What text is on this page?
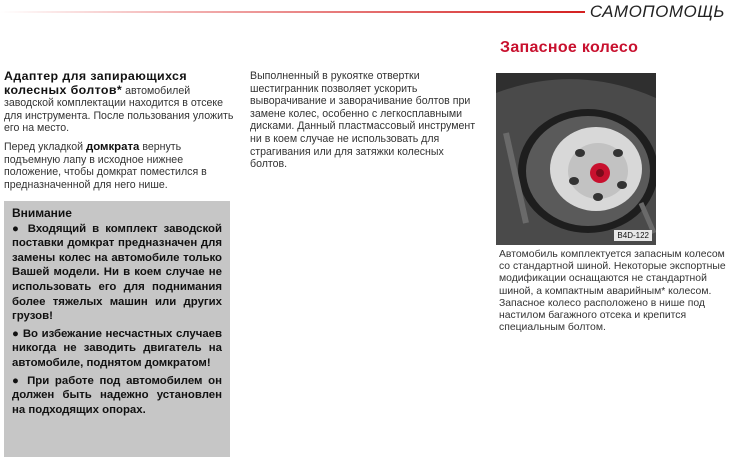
САМОПОМОЩЬ

Адаптер для запирающихся колесных болтов* автомобилей заводской комплектации находится в отсеке для инструмента. После пользования уложить его на место.

Перед укладкой домкрата вернуть подъемную лапу в исходное нижнее положение, чтобы домкрат поместился в предназначенной для него нише.

Внимание
● Входящий в комплект заводской поставки домкрат предназначен для замены колес на автомобиле только Вашей модели. Ни в коем случае не использовать его для поднимания более тяжелых машин или других грузов!
● Во избежание несчастных случаев никогда не заводить двигатель на автомобиле, поднятом домкратом!
● При работе под автомобилем он должен быть надежно установлен на подходящих опорах.

Выполненный в рукоятке отвертки шестигранник позволяет ускорить выворачивание и заворачивание болтов при замене колес, особенно с легкосплавными дисками. Данный пластмассовый инструмент ни в коем случае не использовать для страгивания или для затяжки колесных болтов.

Запасное колесо
B4D-122
Автомобиль комплектуется запасным колесом со стандартной шиной. Некоторые экспортные модификации оснащаются не стандартной шиной, а компактным аварийным* колесом. Запасное колесо расположено в нише под настилом багажного отсека и крепится специальным болтом.
